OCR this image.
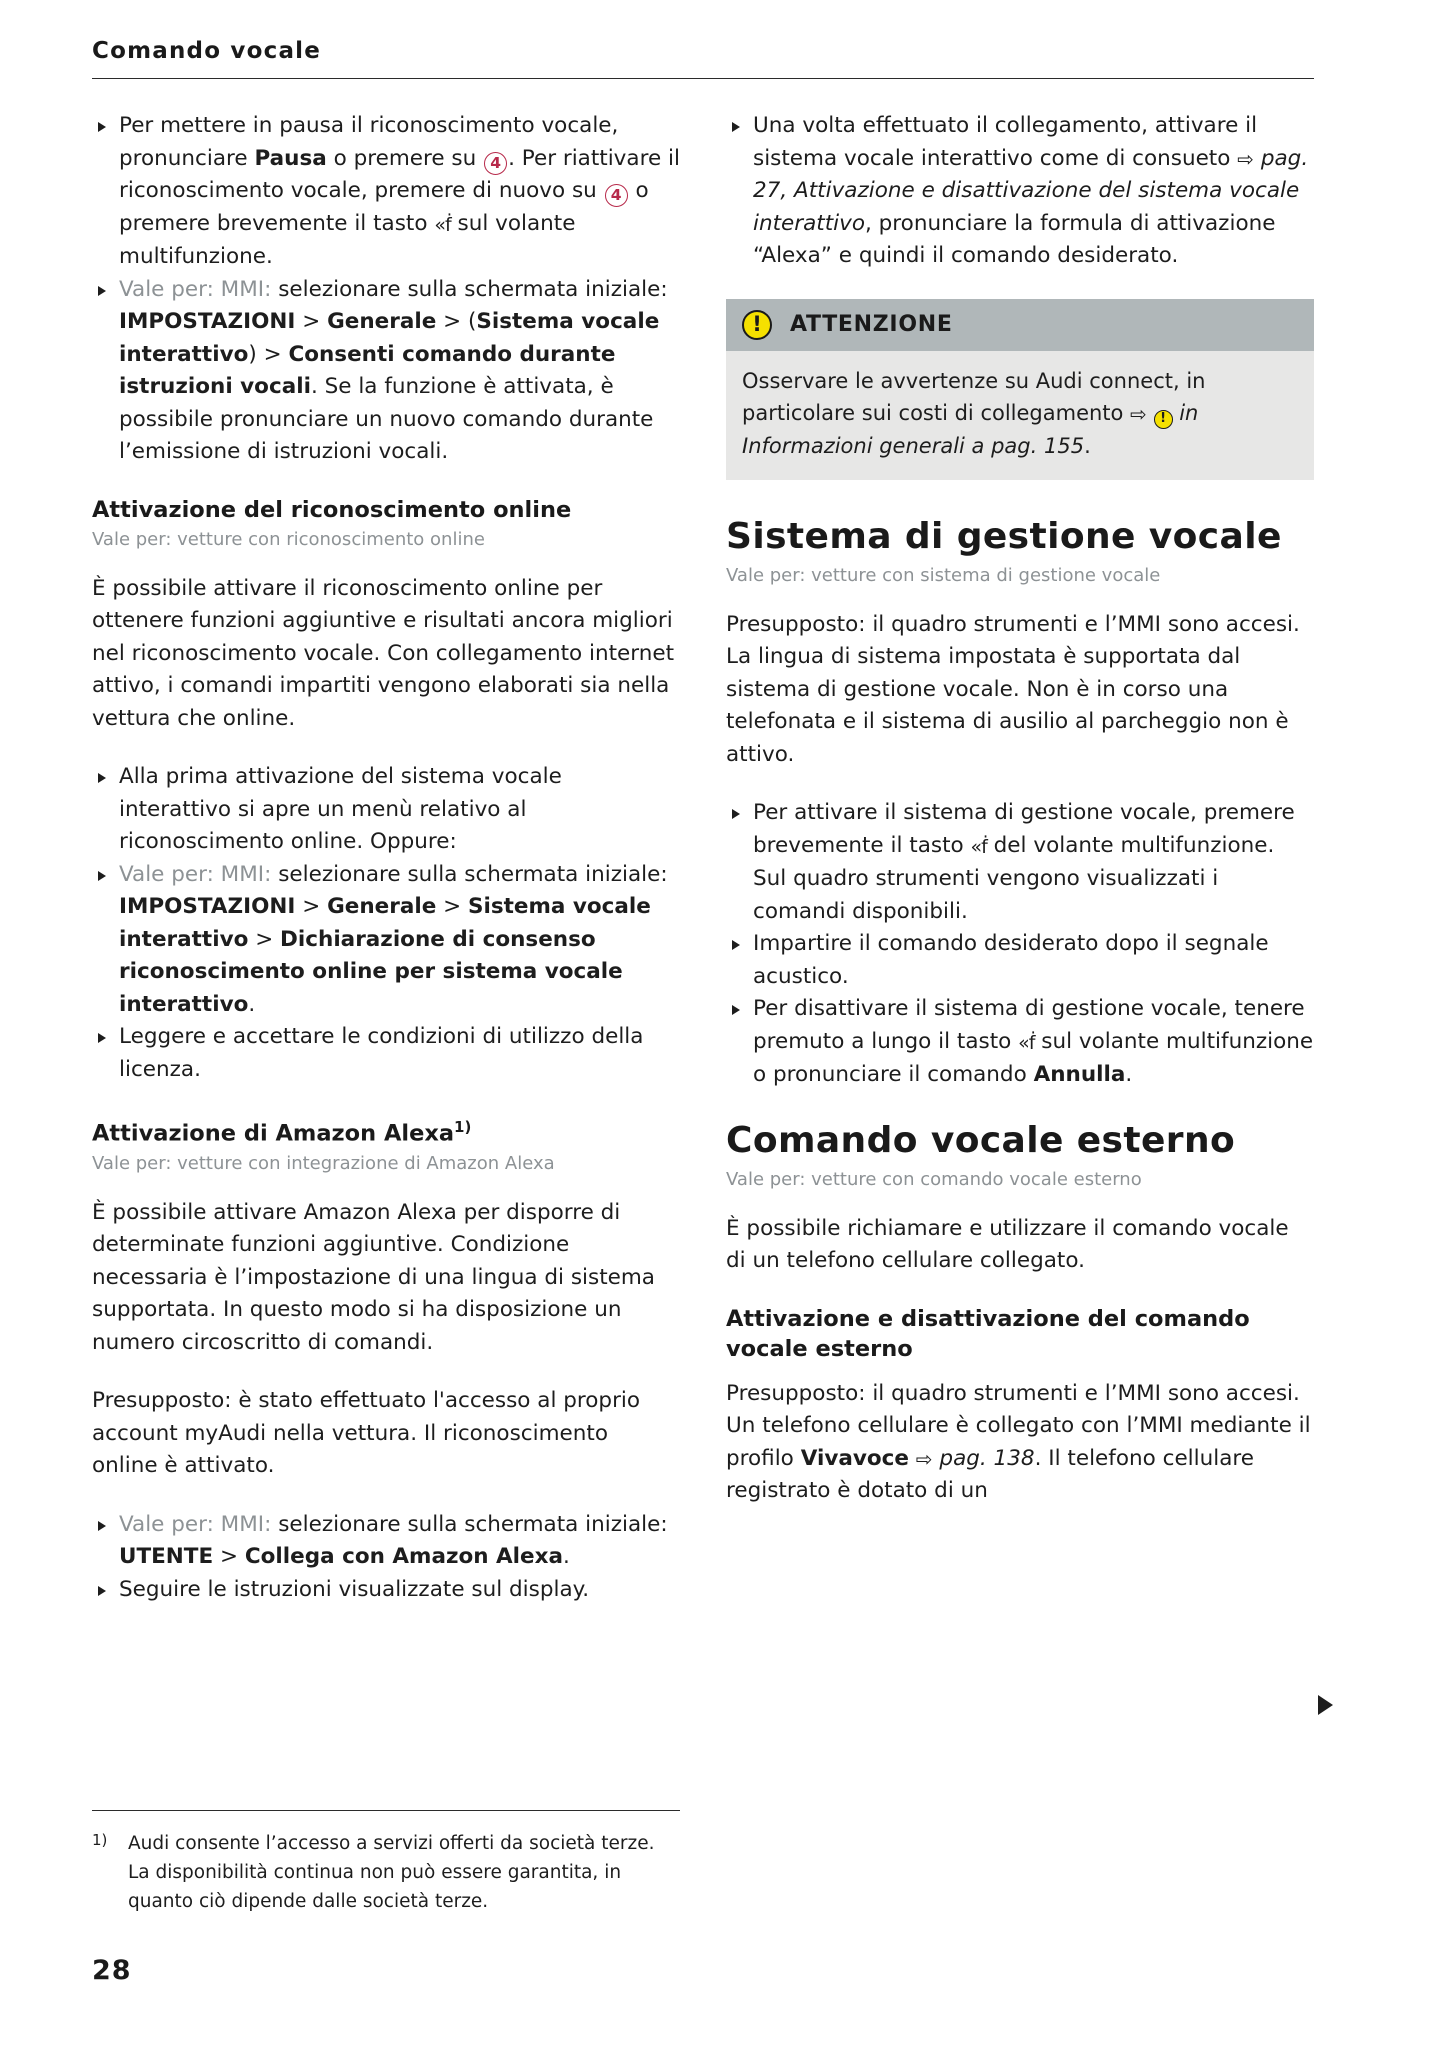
Comando vocale
Per mettere in pausa il riconoscimento vocale, pronunciare Pausa o premere su 4 . Per riattivare il riconoscimento vocale, premere di nuovo su 4 o premere brevemente il tasto «ḟ sul volante multifunzione.
Vale per: MMI: selezionare sulla schermata iniziale: IMPOSTAZIONI > Generale > (Sistema vocale interattivo) > Consenti comando durante istruzioni vocali. Se la funzione è attivata, è possibile pronunciare un nuovo comando durante l’emissione di istruzioni vocali.
Attivazione del riconoscimento online
Vale per: vetture con riconoscimento online

È possibile attivare il riconoscimento online per ottenere funzioni aggiuntive e risultati ancora migliori nel riconoscimento vocale. Con collegamento internet attivo, i comandi impartiti vengono elaborati sia nella vettura che online.

Alla prima attivazione del sistema vocale interattivo si apre un menù relativo al riconoscimento online. Oppure:
Vale per: MMI: selezionare sulla schermata iniziale: IMPOSTAZIONI > Generale > Sistema vocale interattivo > Dichiarazione di consenso riconoscimento online per sistema vocale interattivo.
Leggere e accettare le condizioni di utilizzo della licenza.
Attivazione di Amazon Alexa$^{1)}$
Vale per: vetture con integrazione di Amazon Alexa

È possibile attivare Amazon Alexa per disporre di determinate funzioni aggiuntive. Condizione necessaria è l’impostazione di una lingua di sistema supportata. In questo modo si ha disposizione un numero circoscritto di comandi.

Presupposto: è stato effettuato l'accesso al proprio account myAudi nella vettura. Il riconoscimento online è attivato.

Vale per: MMI: selezionare sulla schermata iniziale: UTENTE > Collega con Amazon Alexa.
Seguire le istruzioni visualizzate sul display.
Una volta effettuato il collegamento, attivare il sistema vocale interattivo come di consueto ⇨ pag. 27, Attivazione e disattivazione del sistema vocale interattivo, pronunciare la formula di attivazione “Alexa” e quindi il comando desiderato.
!	ATTENZIONE
Osservare le avvertenze su Audi connect, in particolare sui costi di collegamento ⇨ ! in Informazioni generali a pag. 155.
Sistema di gestione vocale
Vale per: vetture con sistema di gestione vocale

Presupposto: il quadro strumenti e l’MMI sono accesi. La lingua di sistema impostata è supportata dal sistema di gestione vocale. Non è in corso una telefonata e il sistema di ausilio al parcheggio non è attivo.

Per attivare il sistema di gestione vocale, premere brevemente il tasto «ḟ del volante multifunzione. Sul quadro strumenti vengono visualizzati i comandi disponibili.
Impartire il comando desiderato dopo il segnale acustico.
Per disattivare il sistema di gestione vocale, tenere premuto a lungo il tasto «ḟ sul volante multifunzione o pronunciare il comando Annulla.
Comando vocale esterno
Vale per: vetture con comando vocale esterno

È possibile richiamare e utilizzare il comando vocale di un telefono cellulare collegato.

Attivazione e disattivazione del comando vocale esterno

Presupposto: il quadro strumenti e l’MMI sono accesi. Un telefono cellulare è collegato con l’MMI mediante il profilo Vivavoce ⇨ pag. 138. Il telefono cellulare registrato è dotato di un

1)	Audi consente l’accesso a servizi offerti da società terze. La disponibilità continua non può essere garantita, in quanto ciò dipende dalle società terze.
28
